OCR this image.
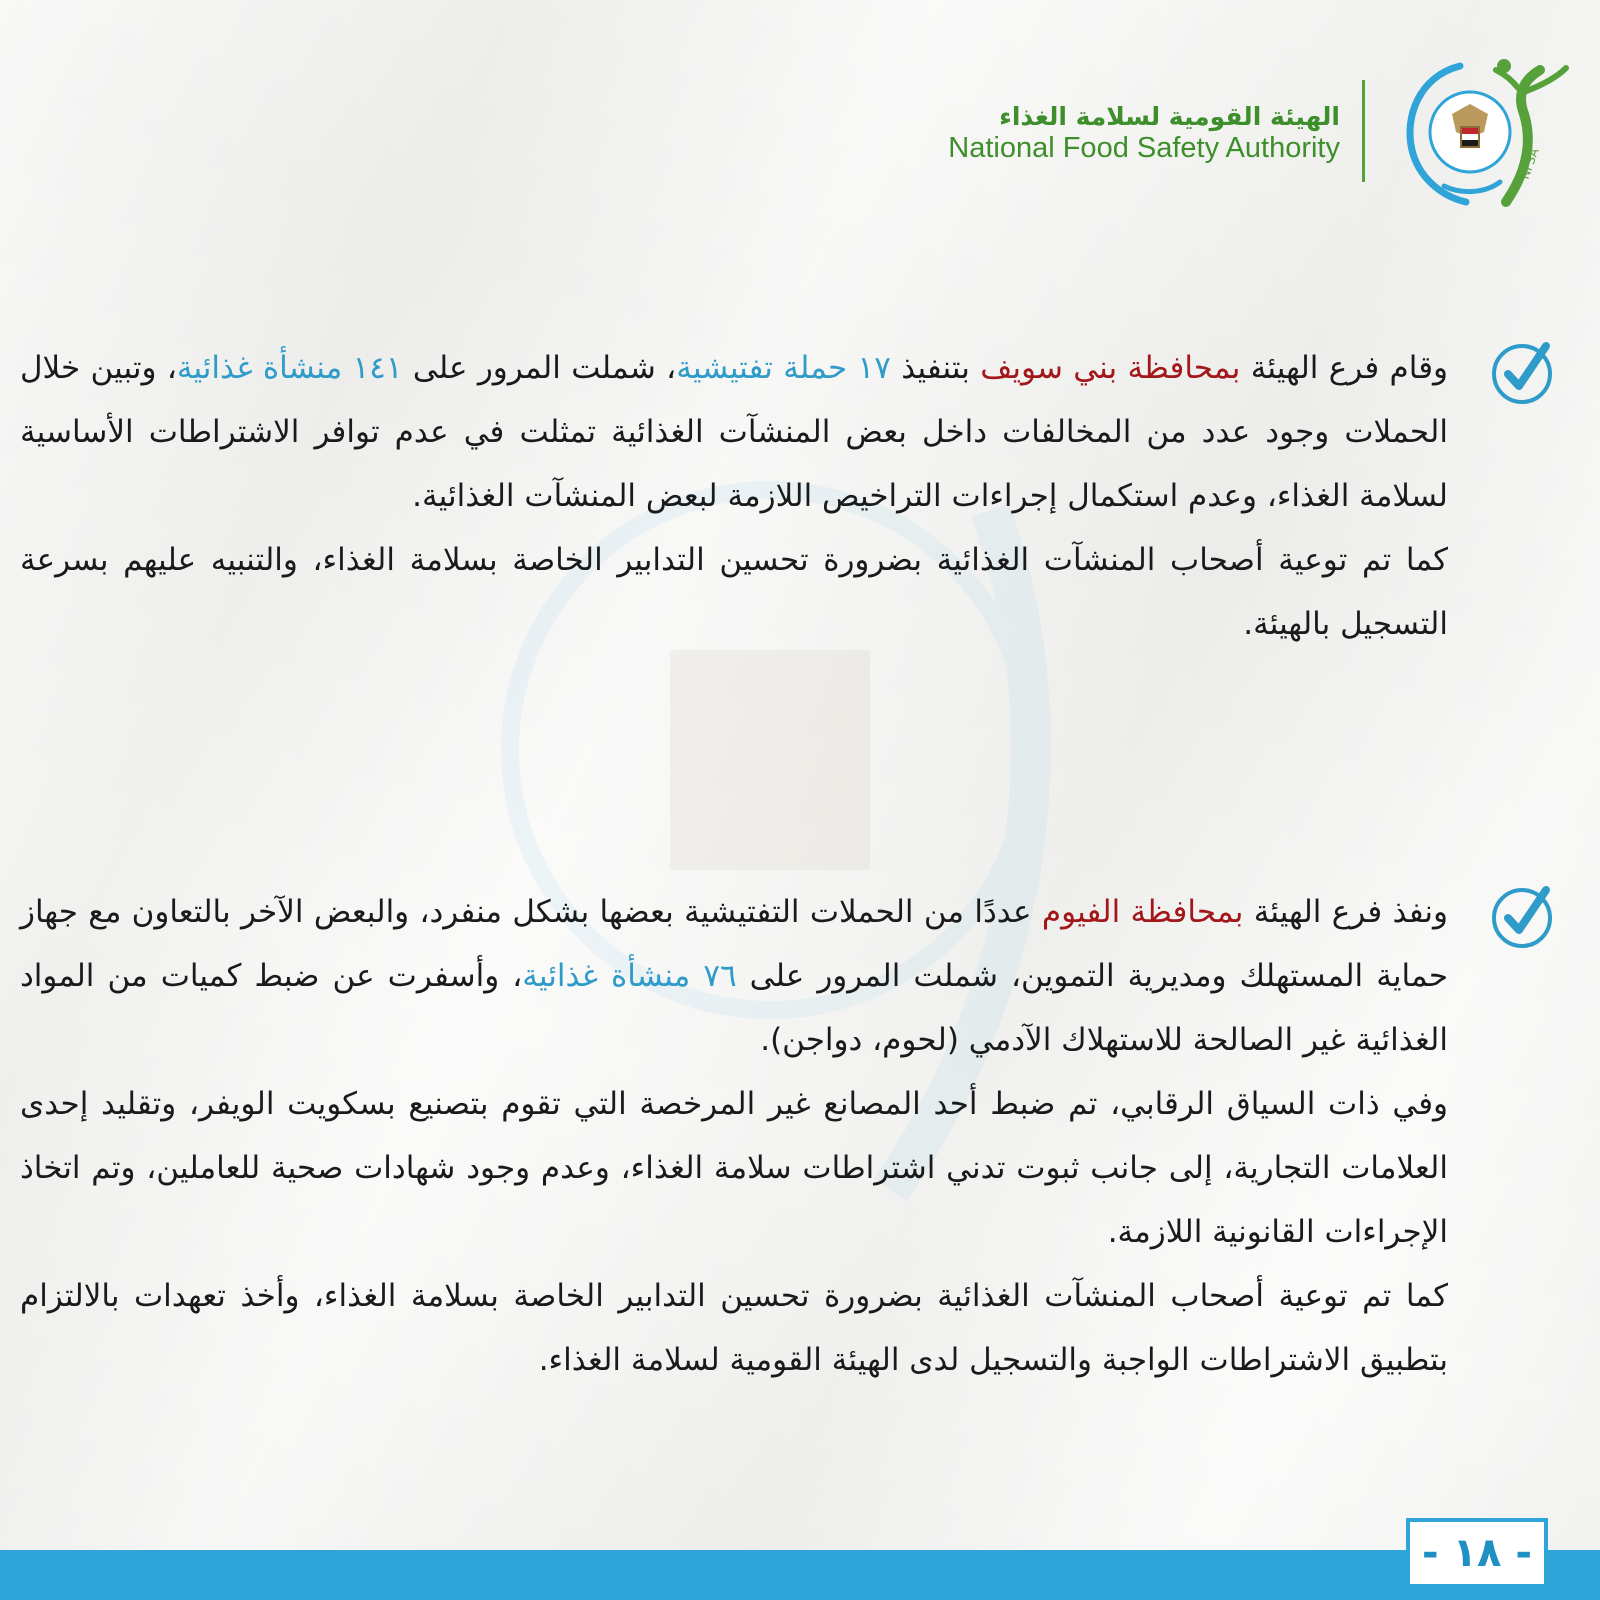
الهيئة القومية لسلامة الغذاء
National Food Safety Authority	NFSA

وقام فرع الهيئة بمحافظة بني سويف بتنفيذ ١٧ حملة تفتيشية، شملت المرور على ١٤١ منشأة غذائية، وتبين خلال الحملات وجود عدد من المخالفات داخل بعض المنشآت الغذائية تمثلت في عدم توافر الاشتراطات الأساسية لسلامة الغذاء، وعدم استكمال إجراءات التراخيص اللازمة لبعض المنشآت الغذائية.

كما تم توعية أصحاب المنشآت الغذائية بضرورة تحسين التدابير الخاصة بسلامة الغذاء، والتنبيه عليهم بسرعة التسجيل بالهيئة.

ونفذ فرع الهيئة بمحافظة الفيوم عددًا من الحملات التفتيشية بعضها بشكل منفرد، والبعض الآخر بالتعاون مع جهاز حماية المستهلك ومديرية التموين، شملت المرور على ٧٦ منشأة غذائية، وأسفرت عن ضبط كميات من المواد الغذائية غير الصالحة للاستهلاك الآدمي (لحوم، دواجن).

وفي ذات السياق الرقابي، تم ضبط أحد المصانع غير المرخصة التي تقوم بتصنيع بسكويت الويفر، وتقليد إحدى العلامات التجارية، إلى جانب ثبوت تدني اشتراطات سلامة الغذاء، وعدم وجود شهادات صحية للعاملين، وتم اتخاذ الإجراءات القانونية اللازمة.

كما تم توعية أصحاب المنشآت الغذائية بضرورة تحسين التدابير الخاصة بسلامة الغذاء، وأخذ تعهدات بالالتزام بتطبيق الاشتراطات الواجبة والتسجيل لدى الهيئة القومية لسلامة الغذاء.

- ١٨ -
